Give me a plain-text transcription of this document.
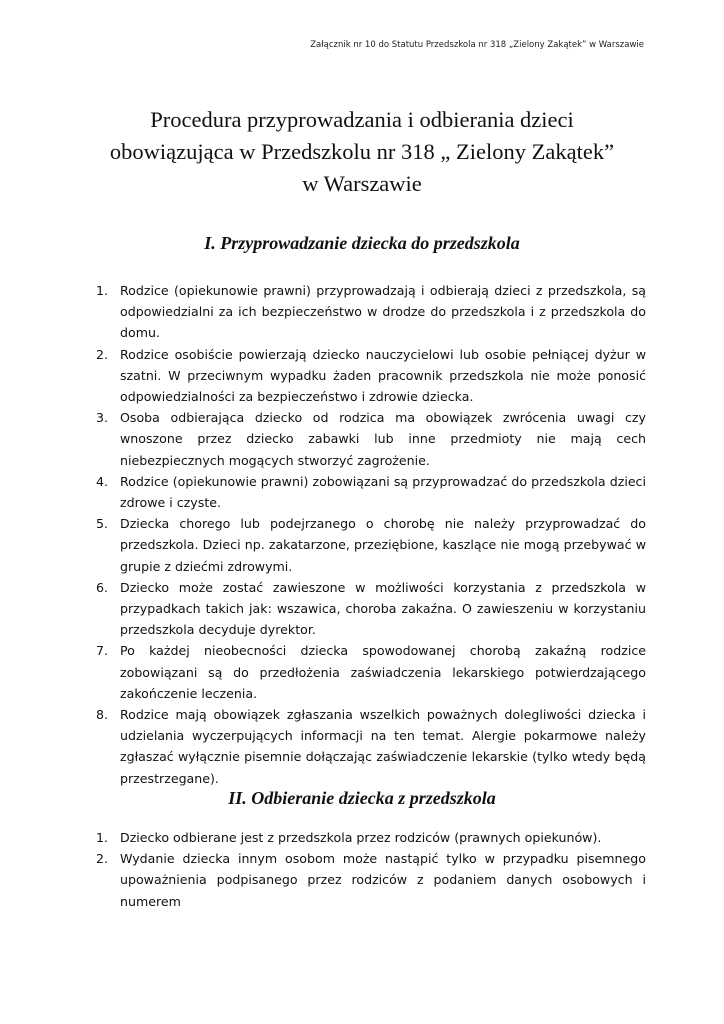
Załącznik nr 10 do Statutu Przedszkola nr 318 „Zielony Zakątek” w Warszawie
Procedura przyprowadzania i odbierania dzieci
obowiązująca w Przedszkolu nr 318 „ Zielony Zakątek”
w Warszawie
I. Przyprowadzanie dziecka do przedszkola
1. Rodzice (opiekunowie prawni) przyprowadzają i odbierają dzieci z przedszkola, są odpowiedzialni za ich bezpieczeństwo w drodze do przedszkola i z przedszkola do domu.
2. Rodzice osobiście powierzają dziecko nauczycielowi lub osobie pełniącej dyżur w szatni. W przeciwnym wypadku żaden pracownik przedszkola nie może ponosić odpowiedzialności za bezpieczeństwo i zdrowie dziecka.
3. Osoba odbierająca dziecko od rodzica ma obowiązek zwrócenia uwagi czy wnoszone przez dziecko zabawki lub inne przedmioty nie mają cech niebezpiecznych mogących stworzyć zagrożenie.
4. Rodzice (opiekunowie prawni) zobowiązani są przyprowadzać do przedszkola dzieci zdrowe i czyste.
5. Dziecka chorego lub podejrzanego o chorobę nie należy przyprowadzać do przedszkola. Dzieci np. zakatarzone, przeziębione, kaszlące nie mogą przebywać w grupie z dziećmi zdrowymi.
6. Dziecko może zostać zawieszone w możliwości korzystania z przedszkola w przypadkach takich jak: wszawica, choroba zakaźna. O zawieszeniu w korzystaniu przedszkola decyduje dyrektor.
7. Po każdej nieobecności dziecka spowodowanej chorobą zakaźną rodzice zobowiązani są do przedłożenia zaświadczenia lekarskiego potwierdzającego zakończenie leczenia.
8. Rodzice mają obowiązek zgłaszania wszelkich poważnych dolegliwości dziecka i udzielania wyczerpujących informacji na ten temat. Alergie pokarmowe należy zgłaszać wyłącznie pisemnie dołączając zaświadczenie lekarskie (tylko wtedy będą przestrzegane).
II. Odbieranie dziecka z przedszkola
1. Dziecko odbierane jest z przedszkola przez rodziców (prawnych opiekunów).
2. Wydanie dziecka innym osobom może nastąpić tylko w przypadku pisemnego upoważnienia podpisanego przez rodziców z podaniem danych osobowych i numerem
